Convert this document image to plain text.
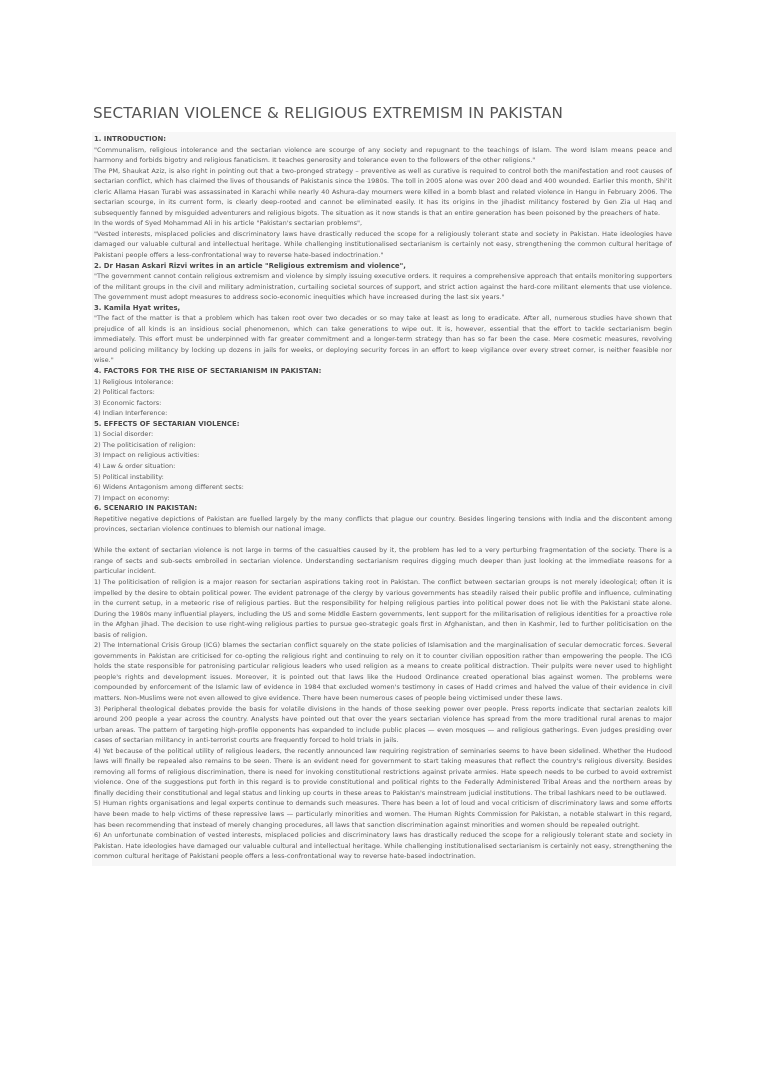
SECTARIAN VIOLENCE & RELIGIOUS EXTREMISM IN PAKISTAN
1. INTRODUCTION:

"Communalism, religious intolerance and the sectarian violence are scourge of any society and repugnant to the teachings of Islam. The word Islam means peace and harmony and forbids bigotry and religious fanaticism. It teaches generosity and tolerance even to the followers of the other religions."

The PM, Shaukat Aziz, is also right in pointing out that a two-pronged strategy – preventive as well as curative is required to control both the manifestation and root causes of sectarian conflict, which has claimed the lives of thousands of Pakistanis since the 1980s. The toll in 2005 alone was over 200 dead and 400 wounded. Earlier this month, Shi'it cleric Allama Hasan Turabi was assassinated in Karachi while nearly 40 Ashura-day mourners were killed in a bomb blast and related violence in Hangu in February 2006. The sectarian scourge, in its current form, is clearly deep-rooted and cannot be eliminated easily. It has its origins in the jihadist militancy fostered by Gen Zia ul Haq and subsequently fanned by misguided adventurers and religious bigots. The situation as it now stands is that an entire generation has been poisoned by the preachers of hate.

In the words of Syed Mohammad Ali in his article "Pakistan's sectarian problems",

"Vested interests, misplaced policies and discriminatory laws have drastically reduced the scope for a religiously tolerant state and society in Pakistan. Hate ideologies have damaged our valuable cultural and intellectual heritage. While challenging institutionalised sectarianism is certainly not easy, strengthening the common cultural heritage of Pakistani people offers a less-confrontational way to reverse hate-based indoctrination."

2. Dr Hasan Askari Rizvi writes in an article "Religious extremism and violence",

"The government cannot contain religious extremism and violence by simply issuing executive orders. It requires a comprehensive approach that entails monitoring supporters of the militant groups in the civil and military administration, curtailing societal sources of support, and strict action against the hard-core militant elements that use violence. The government must adopt measures to address socio-economic inequities which have increased during the last six years."

3. Kamila Hyat writes,

"The fact of the matter is that a problem which has taken root over two decades or so may take at least as long to eradicate. After all, numerous studies have shown that prejudice of all kinds is an insidious social phenomenon, which can take generations to wipe out. It is, however, essential that the effort to tackle sectarianism begin immediately. This effort must be underpinned with far greater commitment and a longer-term strategy than has so far been the case. Mere cosmetic measures, revolving around policing militancy by locking up dozens in jails for weeks, or deploying security forces in an effort to keep vigilance over every street corner, is neither feasible nor wise."

4. FACTORS FOR THE RISE OF SECTARIANISM IN PAKISTAN:

1) Religious Intolerance:

2) Political factors:

3) Economic factors:

4) Indian Interference:

5. EFFECTS OF SECTARIAN VIOLENCE:

1) Social disorder:

2) The politicisation of religion:

3) Impact on religious activities:

4) Law & order situation:

5) Political instability:

6) Widens Antagonism among different sects:

7) Impact on economy:

6. SCENARIO IN PAKISTAN:

Repetitive negative depictions of Pakistan are fuelled largely by the many conflicts that plague our country. Besides lingering tensions with India and the discontent among provinces, sectarian violence continues to blemish our national image.

While the extent of sectarian violence is not large in terms of the casualties caused by it, the problem has led to a very perturbing fragmentation of the society. There is a range of sects and sub-sects embroiled in sectarian violence. Understanding sectarianism requires digging much deeper than just looking at the immediate reasons for a particular incident.

1) The politicisation of religion is a major reason for sectarian aspirations taking root in Pakistan. The conflict between sectarian groups is not merely ideological; often it is impelled by the desire to obtain political power. The evident patronage of the clergy by various governments has steadily raised their public profile and influence, culminating in the current setup, in a meteoric rise of religious parties. But the responsibility for helping religious parties into political power does not lie with the Pakistani state alone. During the 1980s many influential players, including the US and some Middle Eastern governments, lent support for the militarisation of religious identities for a proactive role in the Afghan jihad. The decision to use right-wing religious parties to pursue geo-strategic goals first in Afghanistan, and then in Kashmir, led to further politicisation on the basis of religion.

2) The International Crisis Group (ICG) blames the sectarian conflict squarely on the state policies of Islamisation and the marginalisation of secular democratic forces. Several governments in Pakistan are criticised for co-opting the religious right and continuing to rely on it to counter civilian opposition rather than empowering the people. The ICG holds the state responsible for patronising particular religious leaders who used religion as a means to create political distraction. Their pulpits were never used to highlight people's rights and development issues. Moreover, it is pointed out that laws like the Hudood Ordinance created operational bias against women. The problems were compounded by enforcement of the Islamic law of evidence in 1984 that excluded women's testimony in cases of Hadd crimes and halved the value of their evidence in civil matters. Non-Muslims were not even allowed to give evidence. There have been numerous cases of people being victimised under these laws.

3) Peripheral theological debates provide the basis for volatile divisions in the hands of those seeking power over people. Press reports indicate that sectarian zealots kill around 200 people a year across the country. Analysts have pointed out that over the years sectarian violence has spread from the more traditional rural arenas to major urban areas. The pattern of targeting high-profile opponents has expanded to include public places — even mosques — and religious gatherings. Even judges presiding over cases of sectarian militancy in anti-terrorist courts are frequently forced to hold trials in jails.

4) Yet because of the political utility of religious leaders, the recently announced law requiring registration of seminaries seems to have been sidelined. Whether the Hudood laws will finally be repealed also remains to be seen. There is an evident need for government to start taking measures that reflect the country's religious diversity. Besides removing all forms of religious discrimination, there is need for invoking constitutional restrictions against private armies. Hate speech needs to be curbed to avoid extremist violence. One of the suggestions put forth in this regard is to provide constitutional and political rights to the Federally Administered Tribal Areas and the northern areas by finally deciding their constitutional and legal status and linking up courts in these areas to Pakistan's mainstream judicial institutions. The tribal lashkars need to be outlawed.

5) Human rights organisations and legal experts continue to demands such measures. There has been a lot of loud and vocal criticism of discriminatory laws and some efforts have been made to help victims of these repressive laws — particularly minorities and women. The Human Rights Commission for Pakistan, a notable stalwart in this regard, has been recommending that instead of merely changing procedures, all laws that sanction discrimination against minorities and women should be repealed outright.

6) An unfortunate combination of vested interests, misplaced policies and discriminatory laws has drastically reduced the scope for a religiously tolerant state and society in Pakistan. Hate ideologies have damaged our valuable cultural and intellectual heritage. While challenging institutionalised sectarianism is certainly not easy, strengthening the common cultural heritage of Pakistani people offers a less-confrontational way to reverse hate-based indoctrination.
